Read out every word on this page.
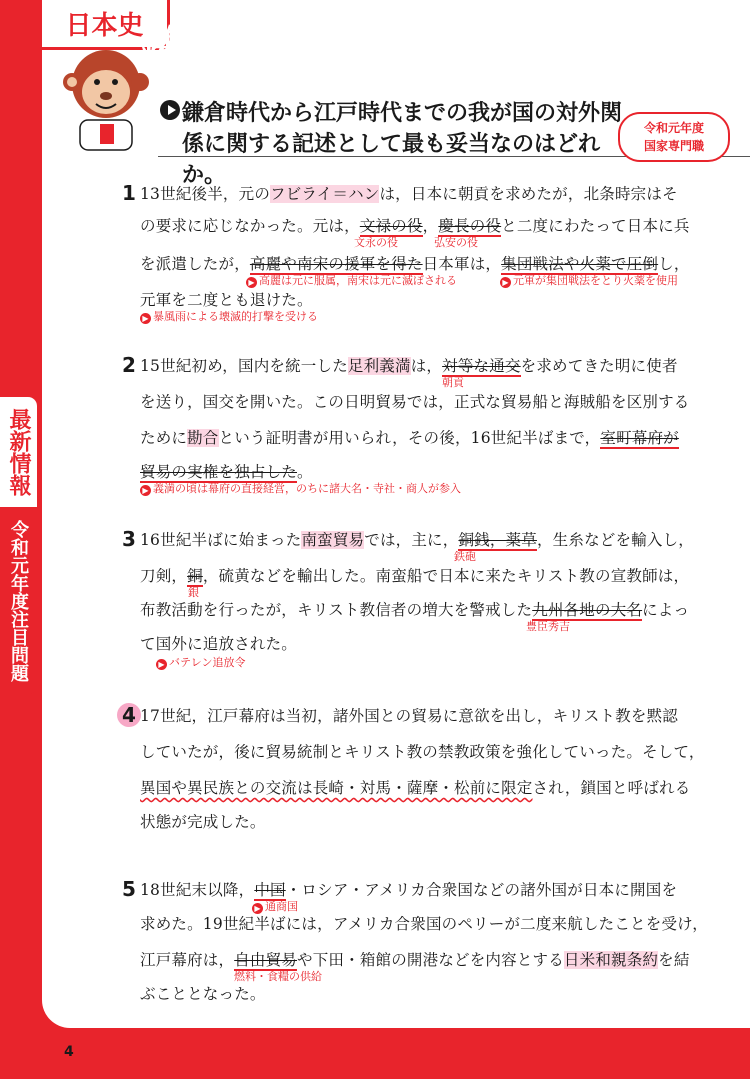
日本史
鎌倉時代から江戸時代までの我が国の対外関
係に関する記述として最も妥当なのはどれか。
令和元年度
国家専門職
1 13世紀後半，元のフビライ＝ハンは，日本に朝貢を求めたが，北条時宗はそ
の要求に応じなかった。元は，文禄の役，慶長の役と二度にわたって日本に兵
文永の役	弘安の役
を派遣したが，高麗や南宋の援軍を得た日本軍は，集団戦法や火薬で圧倒し，
▶ 高麗は元に服属，南宋は元に滅ぼされる	▶ 元軍が集団戦法をとり火薬を使用
元軍を二度とも退けた。
▶ 暴風雨による壊滅的打撃を受ける
2 15世紀初め，国内を統一した足利義満は，対等な通交を求めてきた明に使者
朝貢
を送り，国交を開いた。この日明貿易では，正式な貿易船と海賊船を区別する
ために勘合という証明書が用いられ，その後，16世紀半ばまで，室町幕府が
貿易の実権を独占した。
▶ 義満の頃は幕府の直接経営，のちに諸大名・寺社・商人が参入
3 16世紀半ばに始まった南蛮貿易では，主に，銅銭，薬草，生糸などを輸入し，
鉄砲
刀剣，銅，硫黄などを輸出した。南蛮船で日本に来たキリスト教の宣教師は，
銀
布教活動を行ったが，キリスト教信者の増大を警戒した九州各地の大名によっ
豊臣秀吉
て国外に追放された。
▶ バテレン追放令
4 17世紀，江戸幕府は当初，諸外国との貿易に意欲を出し，キリスト教を黙認
していたが，後に貿易統制とキリスト教の禁教政策を強化していった。そして，
異国や異民族との交流は長崎・対馬・薩摩・松前に限定され，鎖国と呼ばれる
状態が完成した。
5 18世紀末以降，中国・ロシア・アメリカ合衆国などの諸外国が日本に開国を
▶ 通商国
求めた。19世紀半ばには，アメリカ合衆国のペリーが二度来航したことを受け，
江戸幕府は，自由貿易や下田・箱館の開港などを内容とする日米和親条約を結
燃料・食糧の供給
ぶこととなった。
鎌倉～江戸時代の対外関係
最新情報
令和元年度注目問題
4
